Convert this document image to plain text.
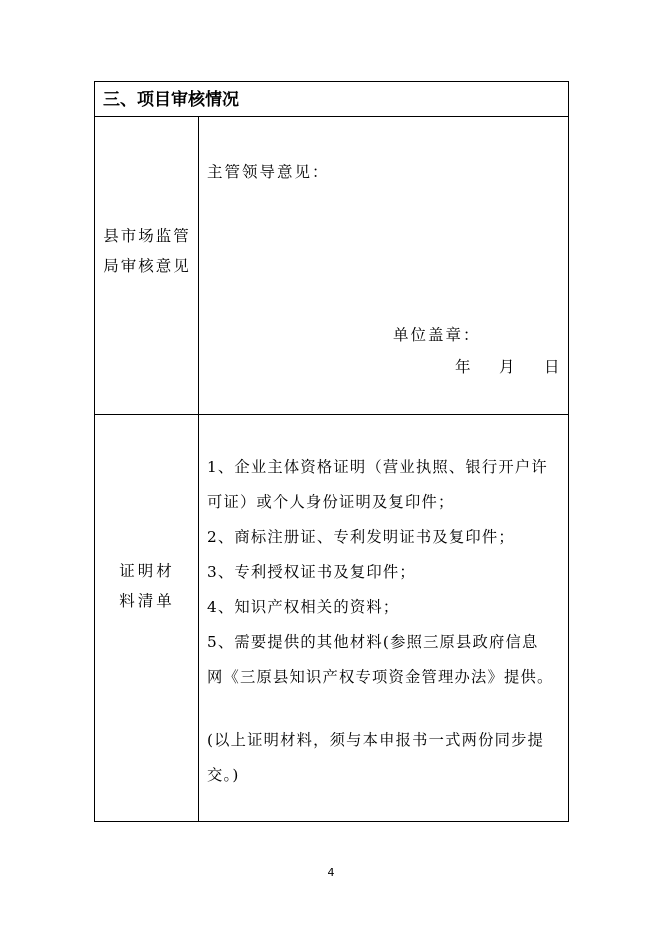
三、项目审核情况
县市场监管
局审核意见
主管领导意见：
单位盖章：
年 月 日
证明材
料清单
1、企业主体资格证明（营业执照、银行开户许
可证）或个人身份证明及复印件；
2、商标注册证、专利发明证书及复印件；
3、专利授权证书及复印件；
4、知识产权相关的资料；
5、需要提供的其他材料(参照三原县政府信息
网《三原县知识产权专项资金管理办法》提供。
(以上证明材料，须与本申报书一式两份同步提
交。)
4
